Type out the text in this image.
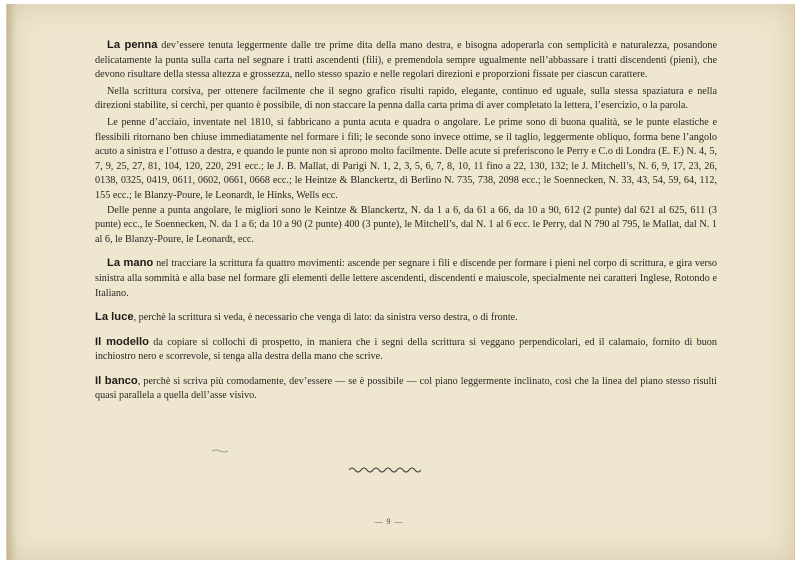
La penna dev’essere tenuta leggermente dalle tre prime dita della mano destra, e bisogna adoperarla con semplicità e naturalezza, posandone delicatamente la punta sulla carta nel segnare i tratti ascendenti (fili), e premendola sempre ugualmente nell’abbassare i tratti discendenti (pieni), che devono risultare della stessa altezza e grossezza, nello stesso spazio e nelle regolari direzioni e proporzioni fissate per ciascun carattere.

Nella scrittura corsiva, per ottenere facilmente che il segno grafico risulti rapido, elegante, continuo ed uguale, sulla stessa spaziatura e nella direzioni stabilite, si cerchi, per quanto è possibile, di non staccare la penna dalla carta prima di aver completato la lettera, l’esercizio, o la parola.

Le penne d’acciaio, inventate nel 1810, si fabbricano a punta acuta e quadra o angolare. Le prime sono di buona qualità, se le punte elastiche e flessibili ritornano ben chiuse immediatamente nel formare i fili; le seconde sono invece ottime, se il taglio, leggermente obliquo, forma bene l’angolo acuto a sinistra e l’ottuso a destra, e quando le punte non si aprono molto facilmente. Delle acute si preferiscono le Perry e C.o di Londra (E. F.) N. 4, 5, 7, 9, 25, 27, 81, 104, 120, 220, 291 ecc.; le J. B. Mallat, di Parigi N. 1, 2, 3, 5, 6, 7, 8, 10, 11 fino a 22, 130, 132; le J. Mitchell’s, N. 6, 9, 17, 23, 26, 0138, 0325, 0419, 0611, 0602, 0661, 0668 ecc.; le Heintze & Blanckertz, di Berlino N. 735, 738, 2098 ecc.; le Soennecken, N. 33, 43, 54, 59, 64, 112, 155 ecc.; le Blanzy-Poure, le Leonardt, le Hinks, Wells ecc.

Delle penne a punta angolare, le migliori sono le Keintze & Blanckertz, N. da 1 a 6, da 61 a 66, da 10 a 90, 612 (2 punte) dal 621 al 625, 611 (3 punte) ecc., le Soennecken, N. da 1 a 6; da 10 a 90 (2 punte) 400 (3 punte), le Mitchell’s, dal N. 1 al 6 ecc. le Perry, dal N 790 al 795, le Mallat, dal N. 1 al 6, le Blanzy-Poure, le Leonardt, ecc.

La mano nel tracciare la scrittura fa quattro movimenti: ascende per segnare i fili e discende per formare i pieni nel corpo di scrittura, e gira verso sinistra alla sommità e alla base nel formare gli elementi delle lettere ascendenti, discendenti e maiuscole, specialmente nei caratteri Inglese, Rotondo e Italiano.

La luce, perchè la scrittura si veda, è necessario che venga di lato: da sinistra verso destra, o di fronte.

Il modello da copiare si collochi di prospetto, in maniera che i segni della scrittura si veggano perpendicolari, ed il calamaio, fornito di buon inchiostro nero e scorrevole, si tenga alla destra della mano che scrive.

Il banco, perchè si scriva più comodamente, dev’essere — se è possibile — col piano leggermente inclinato, così che la linea del piano stesso risulti quasi parallela a quella dell’asse visivo.

— 9 —
